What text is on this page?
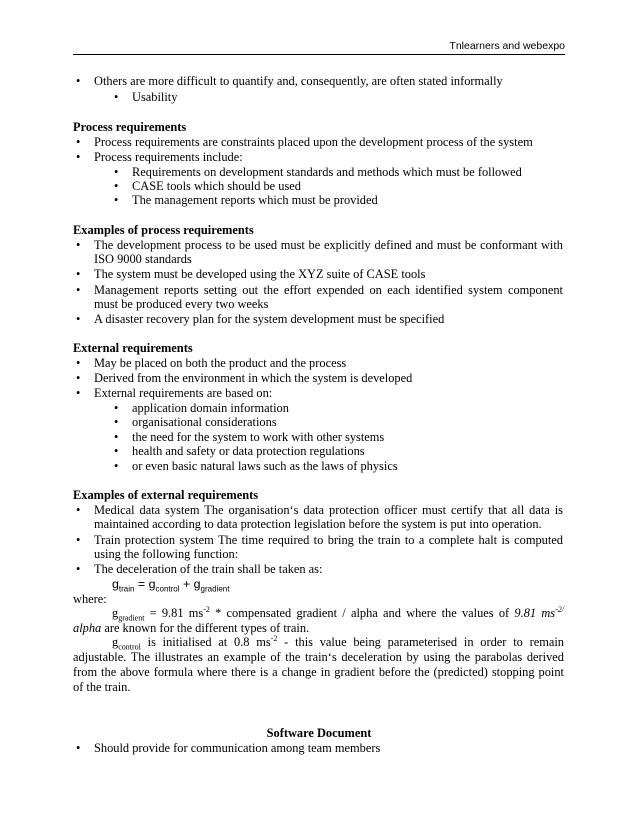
Tnlearners and webexpo
• Others are more difficult to quantify and, consequently, are often stated informally
• Usability
Process requirements
• Process requirements are constraints placed upon the development process of the system
• Process requirements include:
• Requirements on development standards and methods which must be followed
• CASE tools which should be used
• The management reports which must be provided
Examples of process requirements
• The development process to be used must be explicitly defined and must be conformant with
ISO 9000 standards
• The system must be developed using the XYZ suite of CASE tools
• Management reports setting out the effort expended on each identified system component
must be produced every two weeks
• A disaster recovery plan for the system development must be specified
External requirements
• May be placed on both the product and the process
• Derived from the environment in which the system is developed
• External requirements are based on:
• application domain information
• organisational considerations
• the need for the system to work with other systems
• health and safety or data protection regulations
• or even basic natural laws such as the laws of physics
Examples of external requirements
• Medical data system The organisation‘s data protection officer must certify that all data is
maintained according to data protection legislation before the system is put into operation.
• Train protection system The time required to bring the train to a complete halt is computed
using the following function:
• The deceleration of the train shall be taken as:
$g_{train} = g_{control} + g_{gradient}$
where:
$g_{gradient} = 9.81$ $ms^{-2}$ * compensated gradient / alpha and where the values of 9.81 $ms^{-2/}$
alpha are known for the different types of train.
$g_{control}$ is initialised at 0.8 $ms^{-2}$ - this value being parameterised in order to remain
adjustable. The illustrates an example of the train‘s deceleration by using the parabolas derived
from the above formula where there is a change in gradient before the (predicted) stopping point
of the train.
Software Document
• Should provide for communication among team members
